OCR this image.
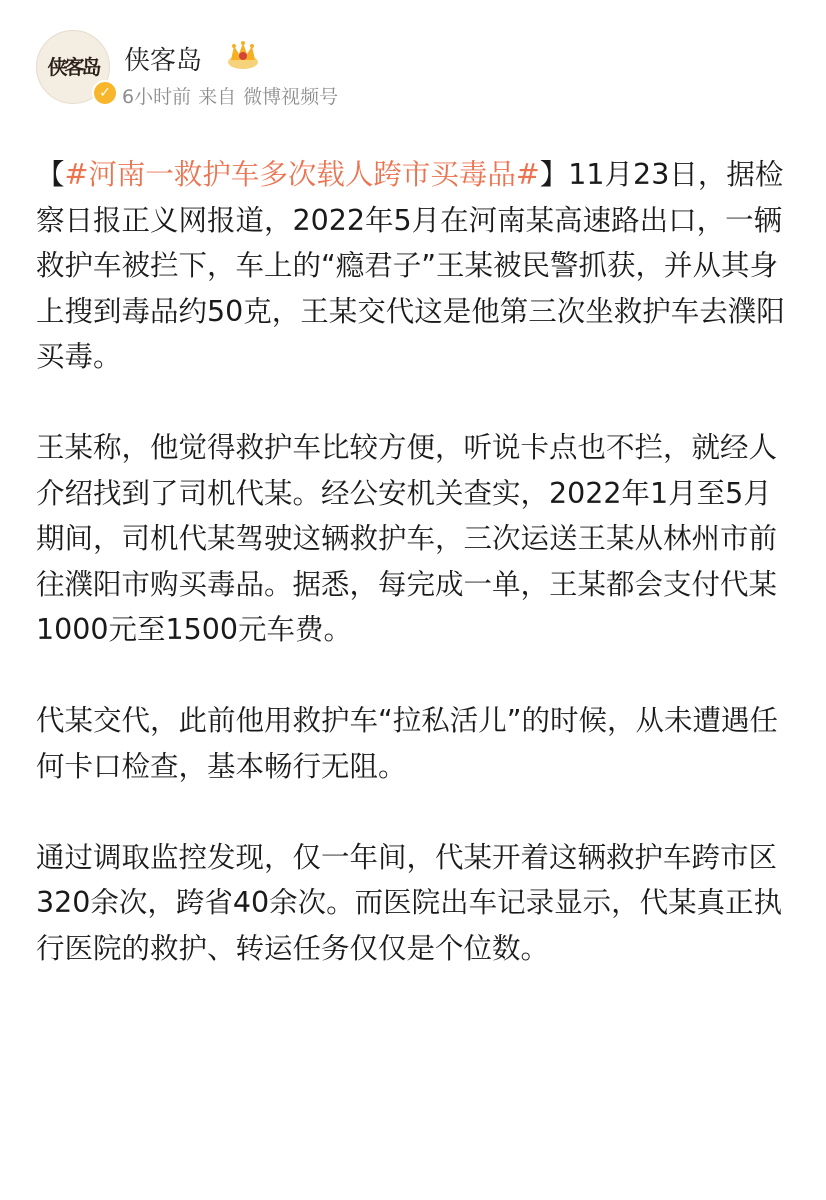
侠客岛
✓
侠客岛
6小时前 来自 微博视频号

【#河南一救护车多次载人跨市买毒品#】11月23日，据检察日报正义网报道，2022年5月在河南某高速路出口，一辆救护车被拦下，车上的“瘾君子”王某被民警抓获，并从其身上搜到毒品约50克，王某交代这是他第三次坐救护车去濮阳买毒。

王某称，他觉得救护车比较方便，听说卡点也不拦，就经人介绍找到了司机代某。经公安机关查实，2022年1月至5月期间，司机代某驾驶这辆救护车，三次运送王某从林州市前往濮阳市购买毒品。据悉，每完成一单，王某都会支付代某1000元至1500元车费。

代某交代，此前他用救护车“拉私活儿”的时候，从未遭遇任何卡口检查，基本畅行无阻。

通过调取监控发现，仅一年间，代某开着这辆救护车跨市区320余次，跨省40余次。而医院出车记录显示，代某真正执行医院的救护、转运任务仅仅是个位数。
